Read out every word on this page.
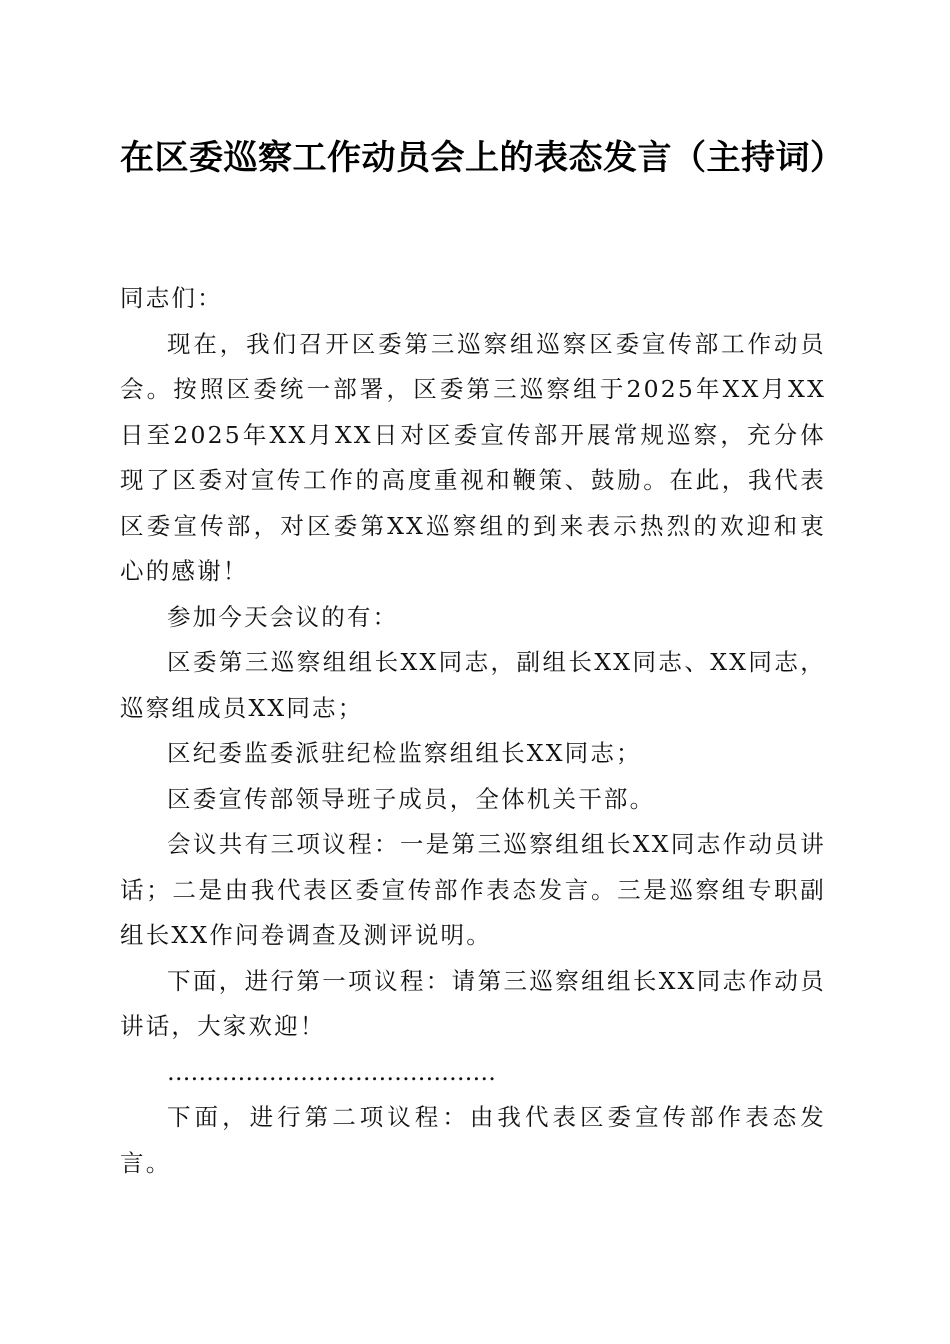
在区委巡察工作动员会上的表态发言（主持词）

同志们：

现在，我们召开区委第三巡察组巡察区委宣传部工作动员会。按照区委统一部署，区委第三巡察组于2025年XX月XX日至2025年XX月XX日对区委宣传部开展常规巡察，充分体现了区委对宣传工作的高度重视和鞭策、鼓励。在此，我代表区委宣传部，对区委第XX巡察组的到来表示热烈的欢迎和衷心的感谢！

参加今天会议的有：

区委第三巡察组组长XX同志，副组长XX同志、XX同志，巡察组成员XX同志；

区纪委监委派驻纪检监察组组长XX同志；

区委宣传部领导班子成员，全体机关干部。

会议共有三项议程：一是第三巡察组组长XX同志作动员讲话；二是由我代表区委宣传部作表态发言。三是巡察组专职副组长XX作问卷调查及测评说明。

下面，进行第一项议程：请第三巡察组组长XX同志作动员讲话，大家欢迎！

……………………………………

下面，进行第二项议程：由我代表区委宣传部作表态发言。
